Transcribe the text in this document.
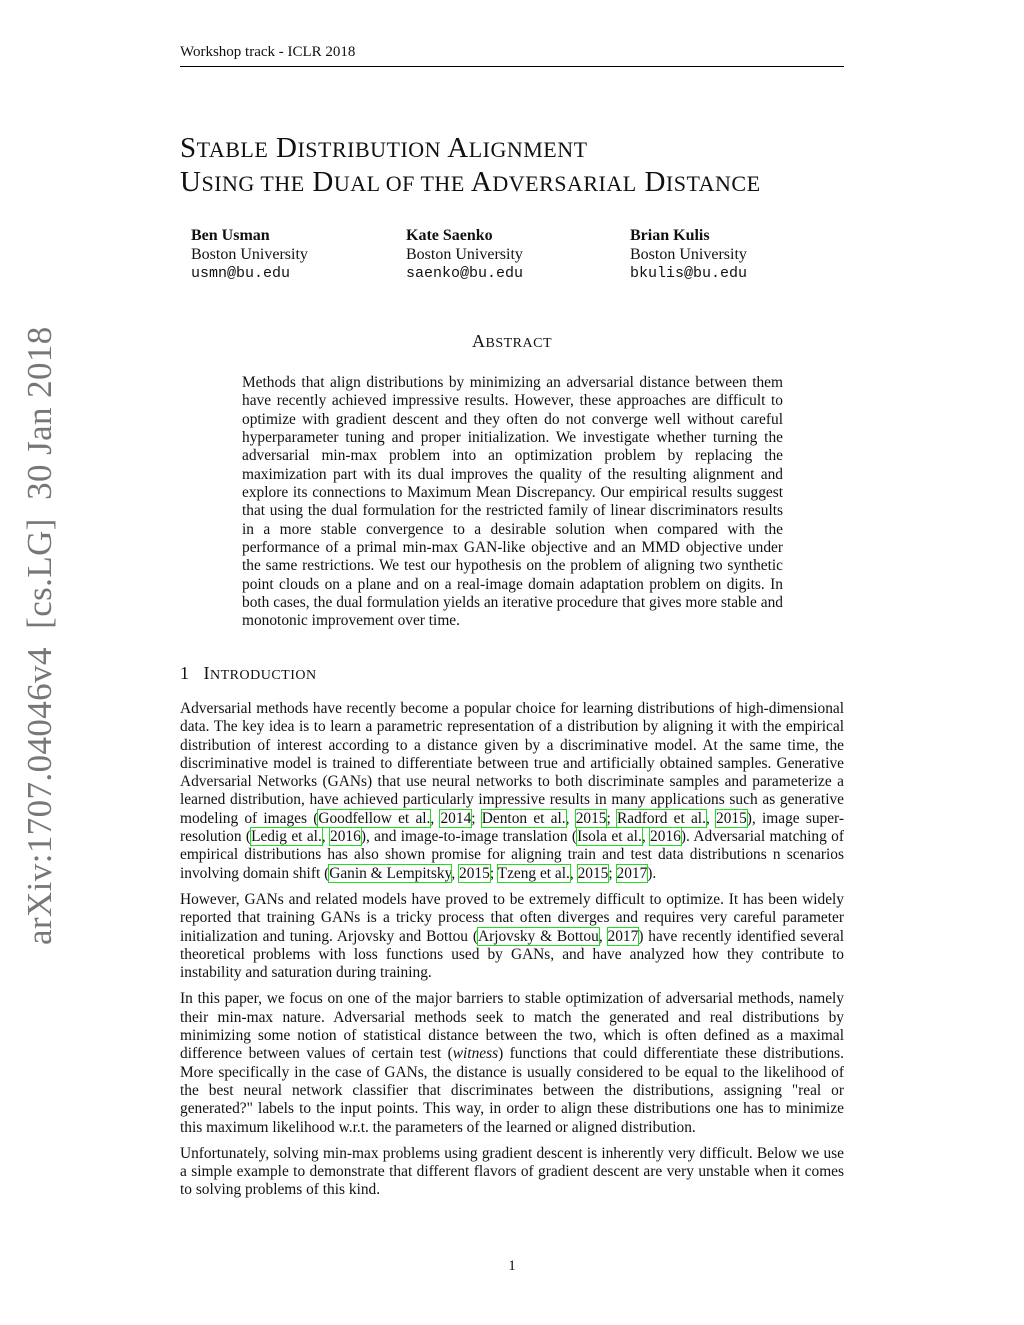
Workshop track - ICLR 2018
STABLE DISTRIBUTION ALIGNMENT
USING THE DUAL OF THE ADVERSARIAL DISTANCE
Ben Usman
Boston University
usmn@bu.edu
Kate Saenko
Boston University
saenko@bu.edu
Brian Kulis
Boston University
bkulis@bu.edu
ABSTRACT
Methods that align distributions by minimizing an adversarial distance between them have recently achieved impressive results. However, these approaches are difficult to optimize with gradient descent and they often do not converge well without careful hyperparameter tuning and proper initialization. We investigate whether turning the adversarial min-max problem into an optimization problem by replacing the maximization part with its dual improves the quality of the resulting alignment and explore its connections to Maximum Mean Discrepancy. Our empirical results suggest that using the dual formulation for the restricted family of linear discriminators results in a more stable convergence to a desirable solution when compared with the performance of a primal min-max GAN-like objective and an MMD objective under the same restrictions. We test our hypothesis on the problem of aligning two synthetic point clouds on a plane and on a real-image domain adaptation problem on digits. In both cases, the dual formulation yields an iterative procedure that gives more stable and monotonic improvement over time.
1 INTRODUCTION

Adversarial methods have recently become a popular choice for learning distributions of high-dimensional data. The key idea is to learn a parametric representation of a distribution by aligning it with the empirical distribution of interest according to a distance given by a discriminative model. At the same time, the discriminative model is trained to differentiate between true and artificially obtained samples. Generative Adversarial Networks (GANs) that use neural networks to both discriminate samples and parameterize a learned distribution, have achieved particularly impressive results in many applications such as generative modeling of images (Goodfellow et al., 2014; Denton et al., 2015; Radford et al., 2015), image super-resolution (Ledig et al., 2016), and image-to-image translation (Isola et al., 2016). Adversarial matching of empirical distributions has also shown promise for aligning train and test data distributions n scenarios involving domain shift (Ganin & Lempitsky, 2015; Tzeng et al., 2015; 2017).

However, GANs and related models have proved to be extremely difficult to optimize. It has been widely reported that training GANs is a tricky process that often diverges and requires very careful parameter initialization and tuning. Arjovsky and Bottou (Arjovsky & Bottou, 2017) have recently identified several theoretical problems with loss functions used by GANs, and have analyzed how they contribute to instability and saturation during training.

In this paper, we focus on one of the major barriers to stable optimization of adversarial methods, namely their min-max nature. Adversarial methods seek to match the generated and real distributions by minimizing some notion of statistical distance between the two, which is often defined as a maximal difference between values of certain test (witness) functions that could differentiate these distributions. More specifically in the case of GANs, the distance is usually considered to be equal to the likelihood of the best neural network classifier that discriminates between the distributions, assigning "real or generated?" labels to the input points. This way, in order to align these distributions one has to minimize this maximum likelihood w.r.t. the parameters of the learned or aligned distribution.

Unfortunately, solving min-max problems using gradient descent is inherently very difficult. Below we use a simple example to demonstrate that different flavors of gradient descent are very unstable when it comes to solving problems of this kind.

1
arXiv:1707.04046v4  [cs.LG]  30 Jan 2018
